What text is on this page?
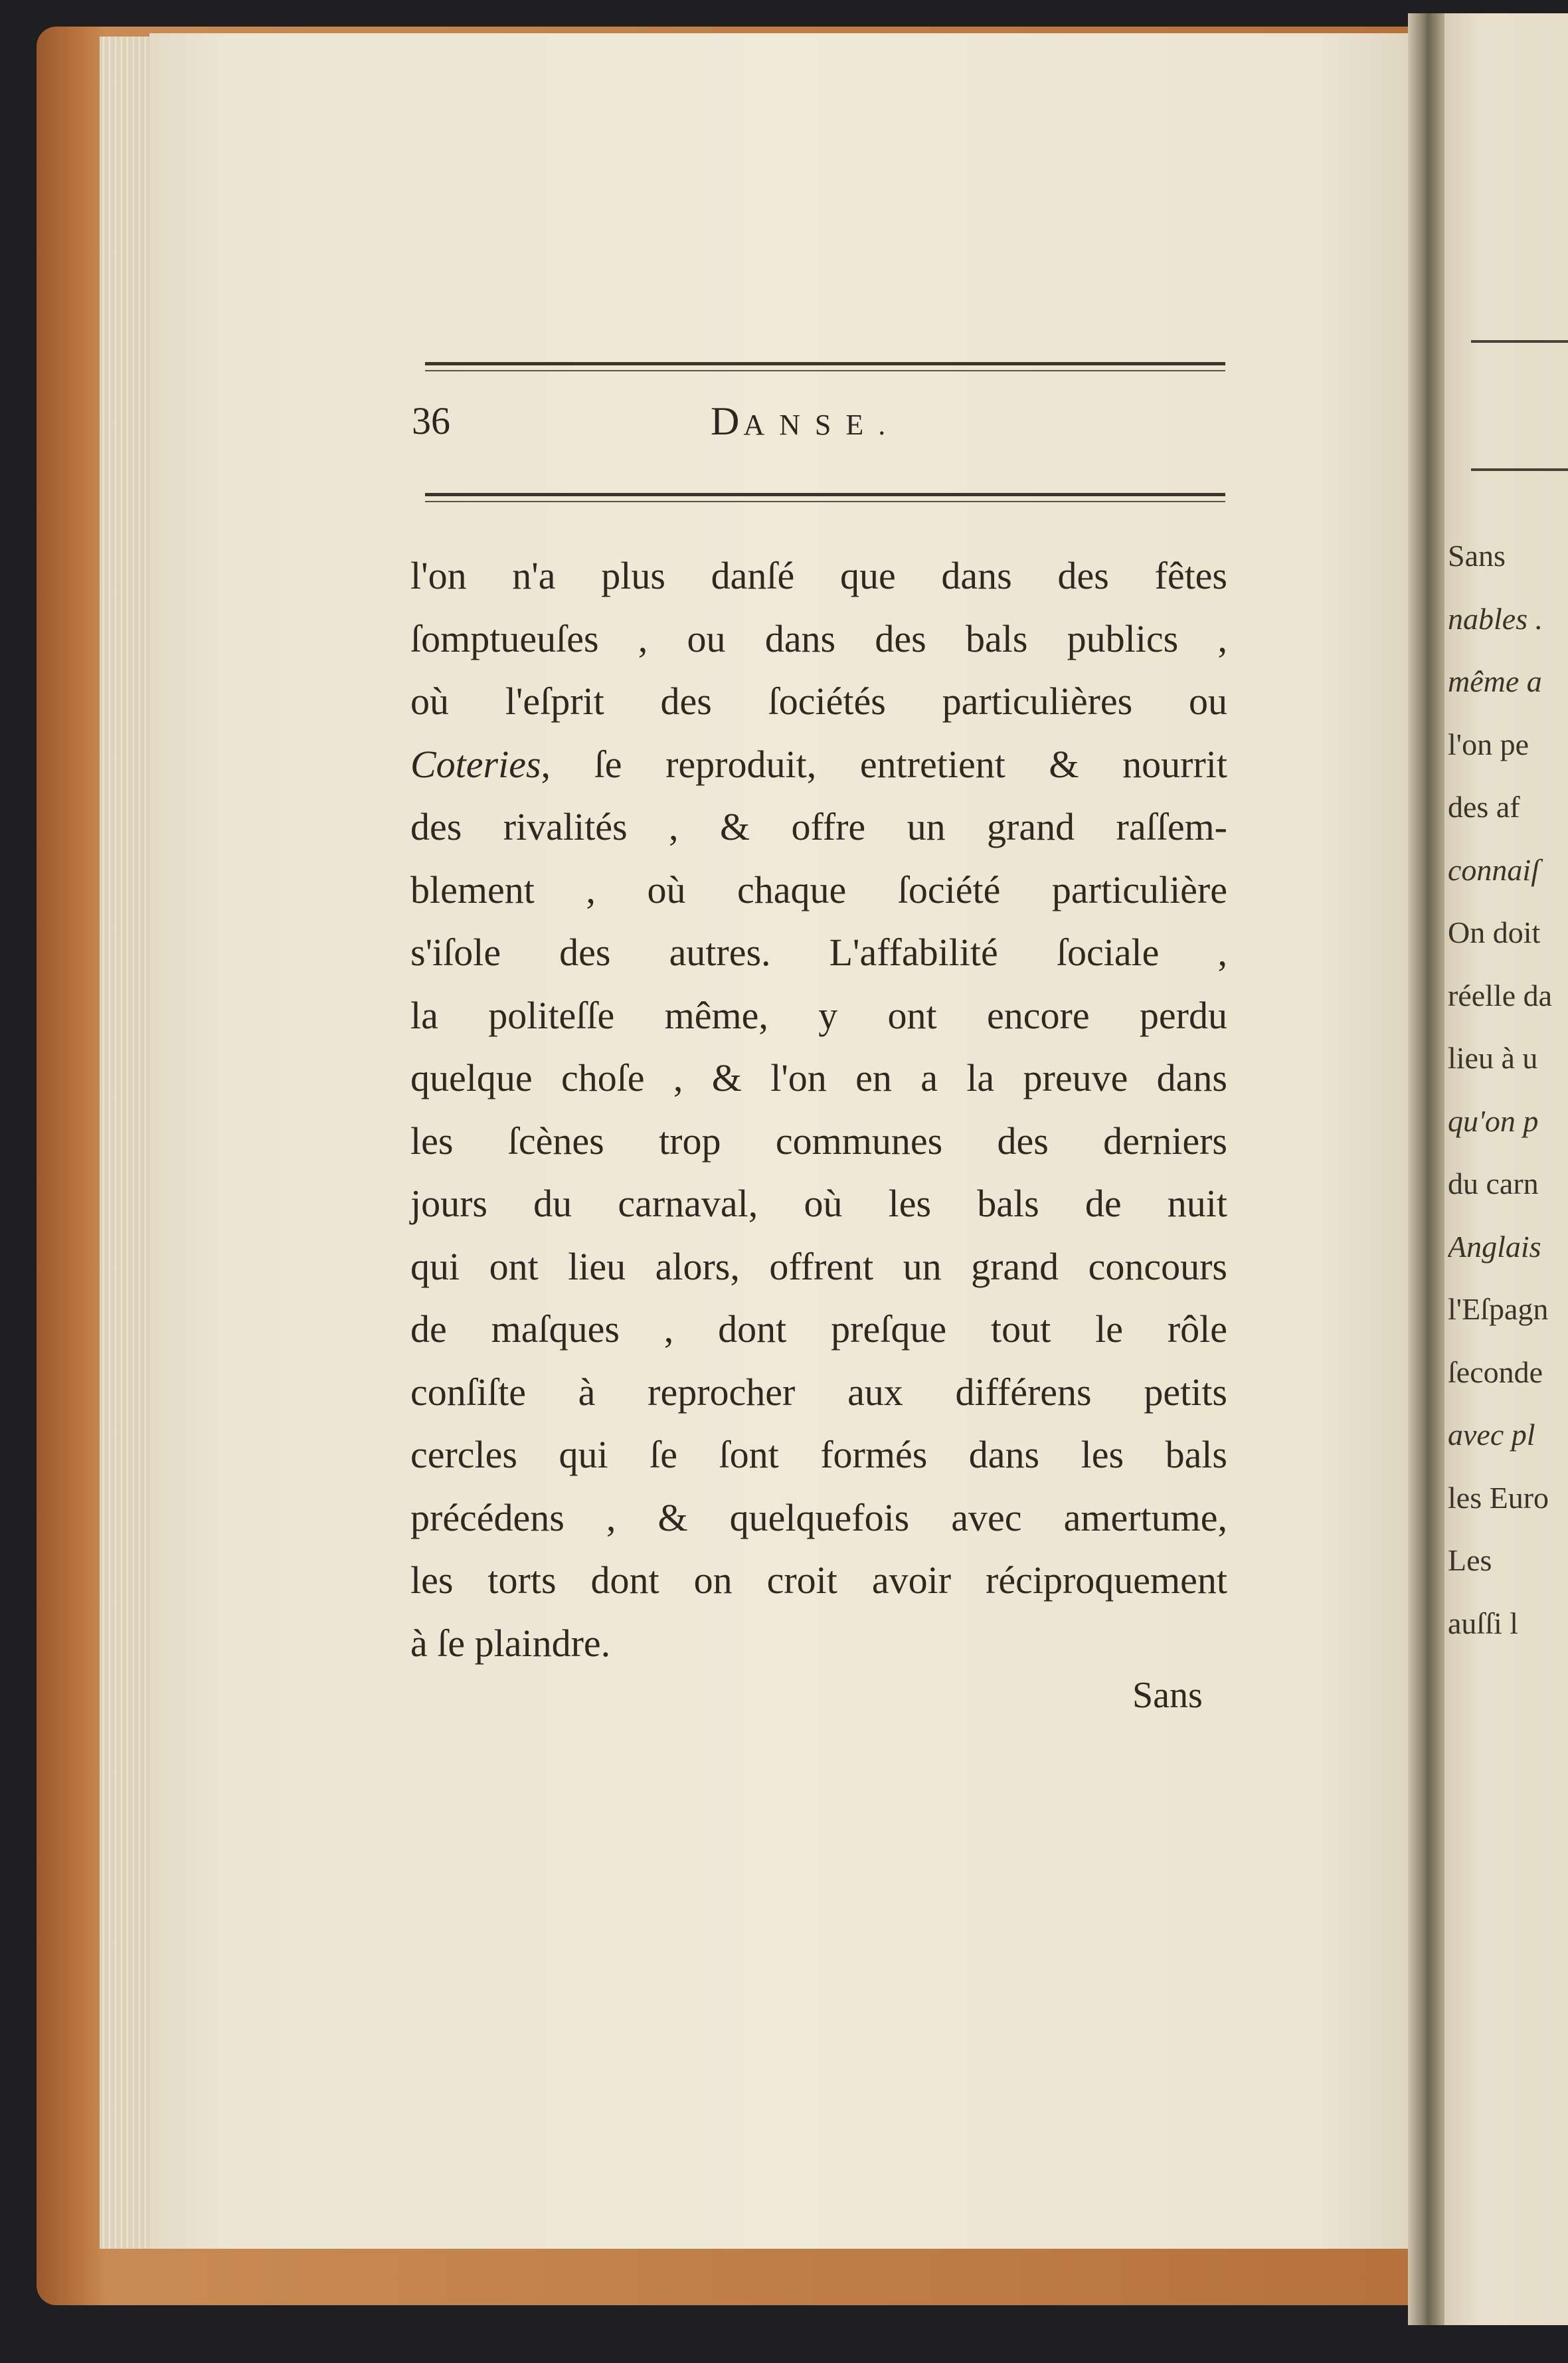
Sans
nables .
même a
l'on pe
des af
connaiſ
On doit
réelle da
lieu à u
qu'on p
du carn
Anglais
l'Eſpagn
ſeconde
avec pl
les Euro
Les
auſſi l
36	DANSE.
l'on n'a plus danſé que dans des fêtes
ſomptueuſes , ou dans des bals publics ,
où l'eſprit des ſociétés particulières ou
Coteries, ſe reproduit, entretient & nourrit
des rivalités , & offre un grand raſſem-
blement , où chaque ſociété particulière
s'iſole des autres. L'affabilité ſociale ,
la politeſſe même, y ont encore perdu
quelque choſe , & l'on en a la preuve dans
les ſcènes trop communes des derniers
jours du carnaval, où les bals de nuit
qui ont lieu alors, offrent un grand concours
de maſques , dont preſque tout le rôle
conſiſte à reprocher aux différens petits
cercles qui ſe ſont formés dans les bals
précédens , & quelquefois avec amertume,
les torts dont on croit avoir réciproquement
à ſe plaindre.
Sans
